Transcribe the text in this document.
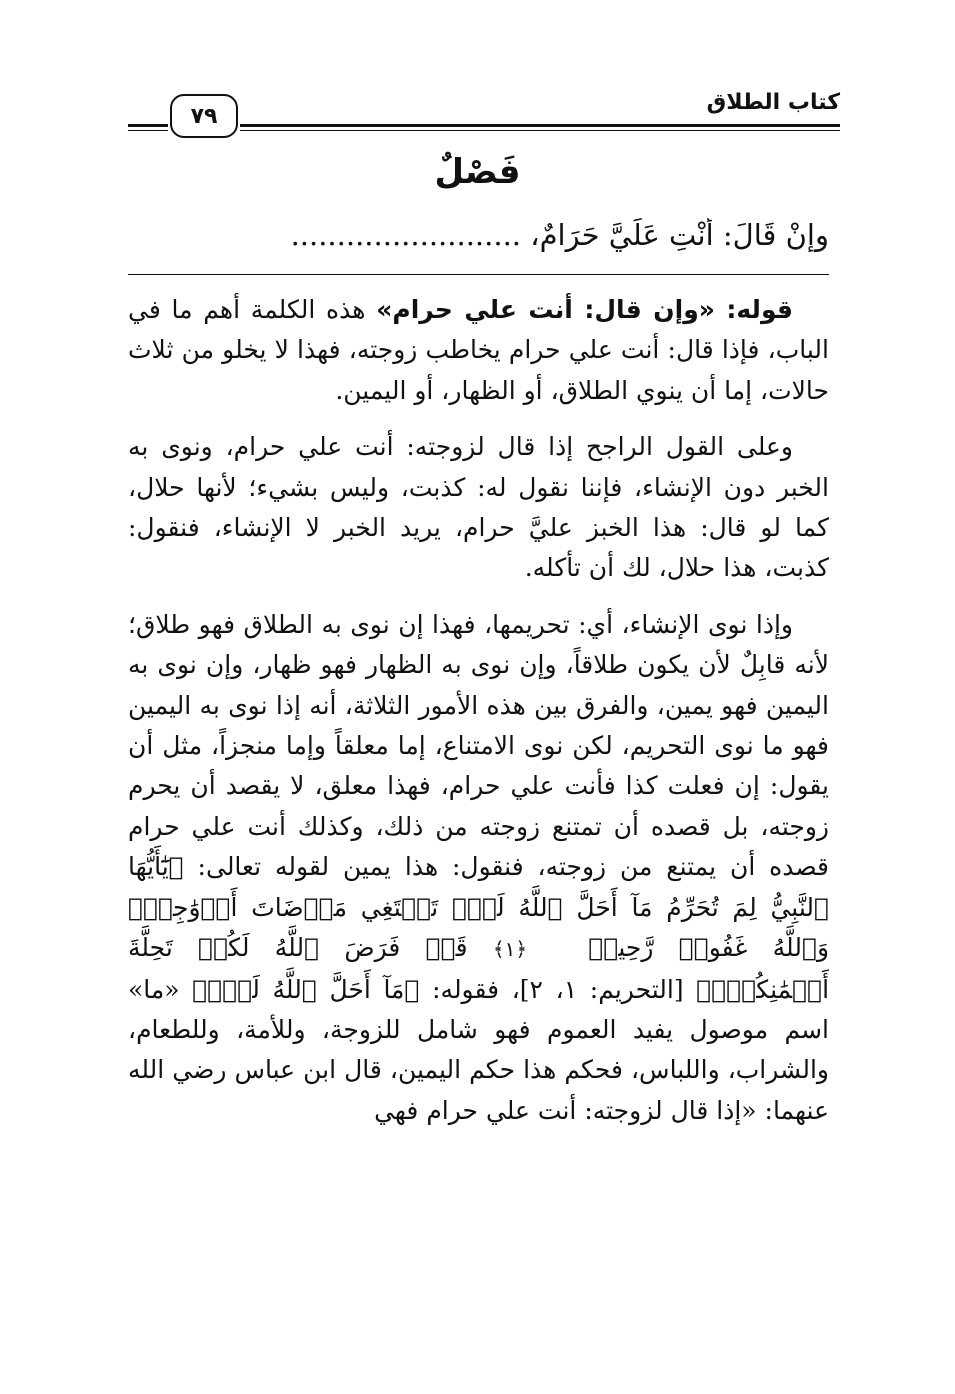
كتاب الطلاق
٧٩
فَصْلٌ
وإنْ قَالَ: أَنْتِ عَلَيَّ حَرَامٌ، .........................

قوله: «وإن قال: أنت علي حرام» هذه الكلمة أهم ما في الباب، فإذا قال: أنت علي حرام يخاطب زوجته، فهذا لا يخلو من ثلاث حالات، إما أن ينوي الطلاق، أو الظهار، أو اليمين.

وعلى القول الراجح إذا قال لزوجته: أنت علي حرام، ونوى به الخبر دون الإنشاء، فإننا نقول له: كذبت، وليس بشيء؛ لأنها حلال، كما لو قال: هذا الخبز عليَّ حرام، يريد الخبر لا الإنشاء، فنقول: كذبت، هذا حلال، لك أن تأكله.

وإذا نوى الإنشاء، أي: تحريمها، فهذا إن نوى به الطلاق فهو طلاق؛ لأنه قابِلٌ لأن يكون طلاقاً، وإن نوى به الظهار فهو ظهار، وإن نوى به اليمين فهو يمين، والفرق بين هذه الأمور الثلاثة، أنه إذا نوى به اليمين فهو ما نوى التحريم، لكن نوى الامتناع، إما معلقاً وإما منجزاً، مثل أن يقول: إن فعلت كذا فأنت علي حرام، فهذا معلق، لا يقصد أن يحرم زوجته، بل قصده أن تمتنع زوجته من ذلك، وكذلك أنت علي حرام قصده أن يمتنع من زوجته، فنقول: هذا يمين لقوله تعالى: ﴿يَٰٓأَيُّهَا ٱلنَّبِيُّ لِمَ تُحَرِّمُ مَآ أَحَلَّ ٱللَّهُ لَكَۖ تَبۡتَغِي مَرۡضَاتَ أَزۡوَٰجِكَۚ وَٱللَّهُ غَفُورٞ رَّحِيمٞ ﴿١﴾ قَدۡ فَرَضَ ٱللَّهُ لَكُمۡ تَحِلَّةَ أَيۡمَٰنِكُمۡۚ﴾ [التحريم: ١، ٢]، فقوله: ﴿مَآ أَحَلَّ ٱللَّهُ لَكَۖ﴾ «ما» اسم موصول يفيد العموم فهو شامل للزوجة، وللأمة، وللطعام، والشراب، واللباس، فحكم هذا حكم اليمين، قال ابن عباس رضي الله عنهما: «إذا قال لزوجته: أنت علي حرام فهي
